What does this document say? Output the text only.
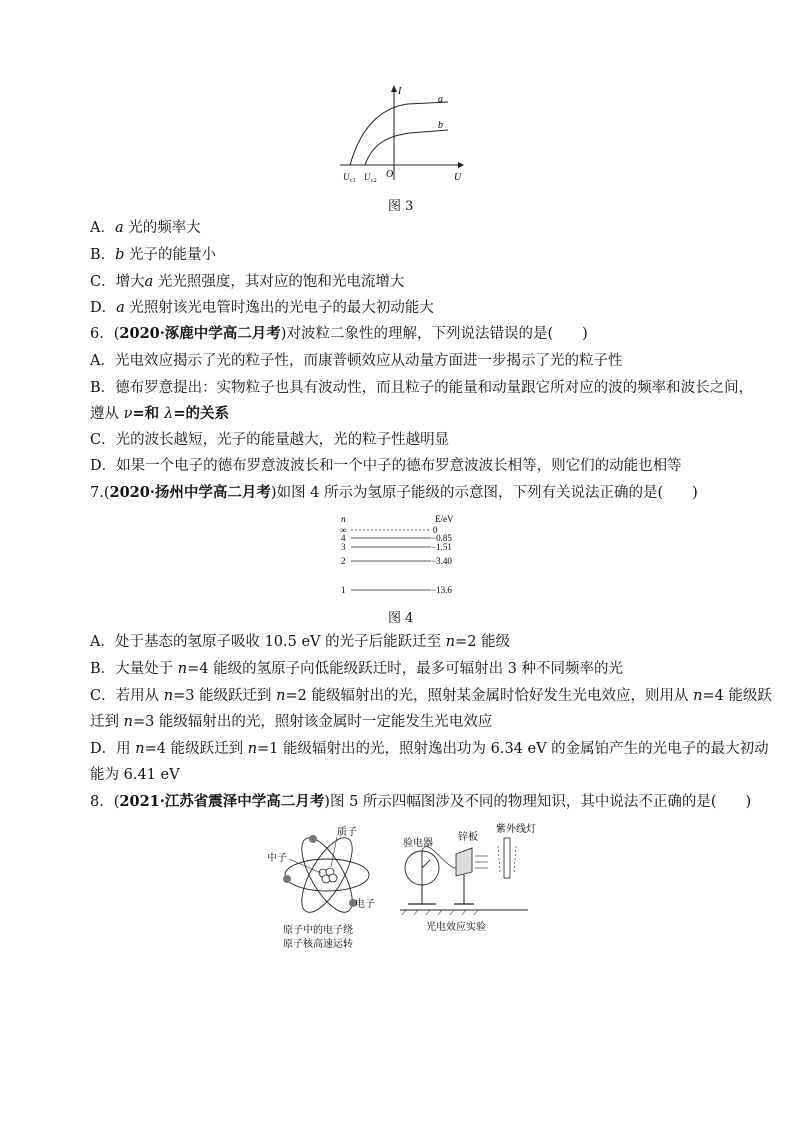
I
U
O
a
b
U c1 U c2
图 3
A．a 光的频率大
B．b 光子的能量小
C．增大a 光光照强度，其对应的饱和光电流增大
D．a 光照射该光电管时逸出的光电子的最大初动能大
6．(2020·涿鹿中学高二月考)对波粒二象性的理解，下列说法错误的是(　　)
A．光电效应揭示了光的粒子性，而康普顿效应从动量方面进一步揭示了光的粒子性
B．德布罗意提出：实物粒子也具有波动性，而且粒子的能量和动量跟它所对应的波的频率和波长之间，
遵从 ν=和 λ=的关系
C．光的波长越短，光子的能量越大，光的粒子性越明显
D．如果一个电子的德布罗意波波长和一个中子的德布罗意波波长相等，则它们的动能也相等
7.(2020·扬州中学高二月考)如图 4 所示为氢原子能级的示意图，下列有关说法正确的是(　　)
n	E/eV
∞	0
4	−0.85
3	−1.51
2	−3.40
1	−13.6
图 4
A．处于基态的氢原子吸收 10.5 eV 的光子后能跃迁至 n=2 能级
B．大量处于 n=4 能级的氢原子向低能级跃迁时，最多可辐射出 3 种不同频率的光
C．若用从 n=3 能级跃迁到 n=2 能级辐射出的光，照射某金属时恰好发生光电效应，则用从 n=4 能级跃
迁到 n=3 能级辐射出的光，照射该金属时一定能发生光电效应
D．用 n=4 能级跃迁到 n=1 能级辐射出的光，照射逸出功为 6.34 eV 的金属铂产生的光电子的最大初动
能为 6.41 eV
8．(2021·江苏省震泽中学高二月考)图 5 所示四幅图涉及不同的物理知识，其中说法不正确的是(　　)
质子
中子
电子
原子中的电子绕
原子核高速运转
验电器
锌板
紫外线灯
光电效应实验
